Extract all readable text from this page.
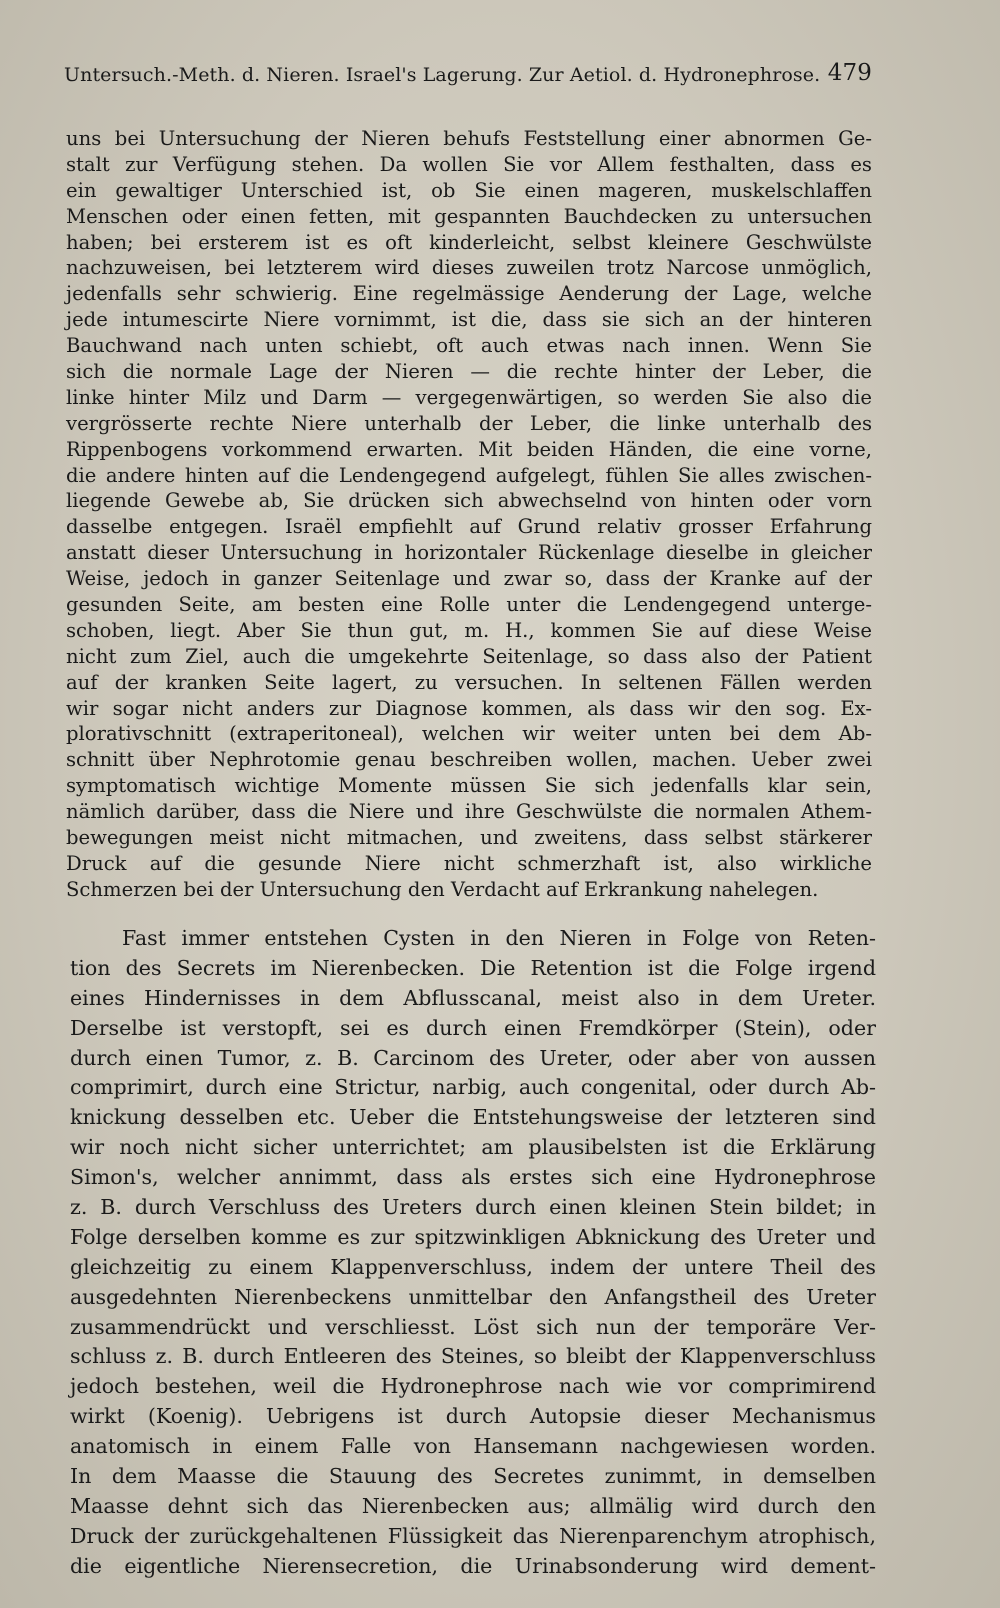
Untersuch.-Meth. d. Nieren. Israel's Lagerung. Zur Aetiol. d. Hydronephrose. 479
uns bei Untersuchung der Nieren behufs Feststellung einer abnormen Ge-
stalt zur Verfügung stehen. Da wollen Sie vor Allem festhalten, dass es
ein gewaltiger Unterschied ist, ob Sie einen mageren, muskelschlaffen
Menschen oder einen fetten, mit gespannten Bauchdecken zu untersuchen
haben; bei ersterem ist es oft kinderleicht, selbst kleinere Geschwülste
nachzuweisen, bei letzterem wird dieses zuweilen trotz Narcose unmöglich,
jedenfalls sehr schwierig. Eine regelmässige Aenderung der Lage, welche
jede intumescirte Niere vornimmt, ist die, dass sie sich an der hinteren
Bauchwand nach unten schiebt, oft auch etwas nach innen. Wenn Sie
sich die normale Lage der Nieren — die rechte hinter der Leber, die
linke hinter Milz und Darm — vergegenwärtigen, so werden Sie also die
vergrösserte rechte Niere unterhalb der Leber, die linke unterhalb des
Rippenbogens vorkommend erwarten. Mit beiden Händen, die eine vorne,
die andere hinten auf die Lendengegend aufgelegt, fühlen Sie alles zwischen-
liegende Gewebe ab, Sie drücken sich abwechselnd von hinten oder vorn
dasselbe entgegen. Israël empfiehlt auf Grund relativ grosser Erfahrung
anstatt dieser Untersuchung in horizontaler Rückenlage dieselbe in gleicher
Weise, jedoch in ganzer Seitenlage und zwar so, dass der Kranke auf der
gesunden Seite, am besten eine Rolle unter die Lendengegend unterge-
schoben, liegt. Aber Sie thun gut, m. H., kommen Sie auf diese Weise
nicht zum Ziel, auch die umgekehrte Seitenlage, so dass also der Patient
auf der kranken Seite lagert, zu versuchen. In seltenen Fällen werden
wir sogar nicht anders zur Diagnose kommen, als dass wir den sog. Ex-
plorativschnitt (extraperitoneal), welchen wir weiter unten bei dem Ab-
schnitt über Nephrotomie genau beschreiben wollen, machen. Ueber zwei
symptomatisch wichtige Momente müssen Sie sich jedenfalls klar sein,
nämlich darüber, dass die Niere und ihre Geschwülste die normalen Athem-
bewegungen meist nicht mitmachen, und zweitens, dass selbst stärkerer
Druck auf die gesunde Niere nicht schmerzhaft ist, also wirkliche
Schmerzen bei der Untersuchung den Verdacht auf Erkrankung nahelegen.
Fast immer entstehen Cysten in den Nieren in Folge von Reten-
tion des Secrets im Nierenbecken. Die Retention ist die Folge irgend
eines Hindernisses in dem Abflusscanal, meist also in dem Ureter.
Derselbe ist verstopft, sei es durch einen Fremdkörper (Stein), oder
durch einen Tumor, z. B. Carcinom des Ureter, oder aber von aussen
comprimirt, durch eine Strictur, narbig, auch congenital, oder durch Ab-
knickung desselben etc. Ueber die Entstehungsweise der letzteren sind
wir noch nicht sicher unterrichtet; am plausibelsten ist die Erklärung
Simon's, welcher annimmt, dass als erstes sich eine Hydronephrose
z. B. durch Verschluss des Ureters durch einen kleinen Stein bildet; in
Folge derselben komme es zur spitzwinkligen Abknickung des Ureter und
gleichzeitig zu einem Klappenverschluss, indem der untere Theil des
ausgedehnten Nierenbeckens unmittelbar den Anfangstheil des Ureter
zusammendrückt und verschliesst. Löst sich nun der temporäre Ver-
schluss z. B. durch Entleeren des Steines, so bleibt der Klappenverschluss
jedoch bestehen, weil die Hydronephrose nach wie vor comprimirend
wirkt (Koenig). Uebrigens ist durch Autopsie dieser Mechanismus
anatomisch in einem Falle von Hansemann nachgewiesen worden.
In dem Maasse die Stauung des Secretes zunimmt, in demselben
Maasse dehnt sich das Nierenbecken aus; allmälig wird durch den
Druck der zurückgehaltenen Flüssigkeit das Nierenparenchym atrophisch,
die eigentliche Nierensecretion, die Urinabsonderung wird dement-
